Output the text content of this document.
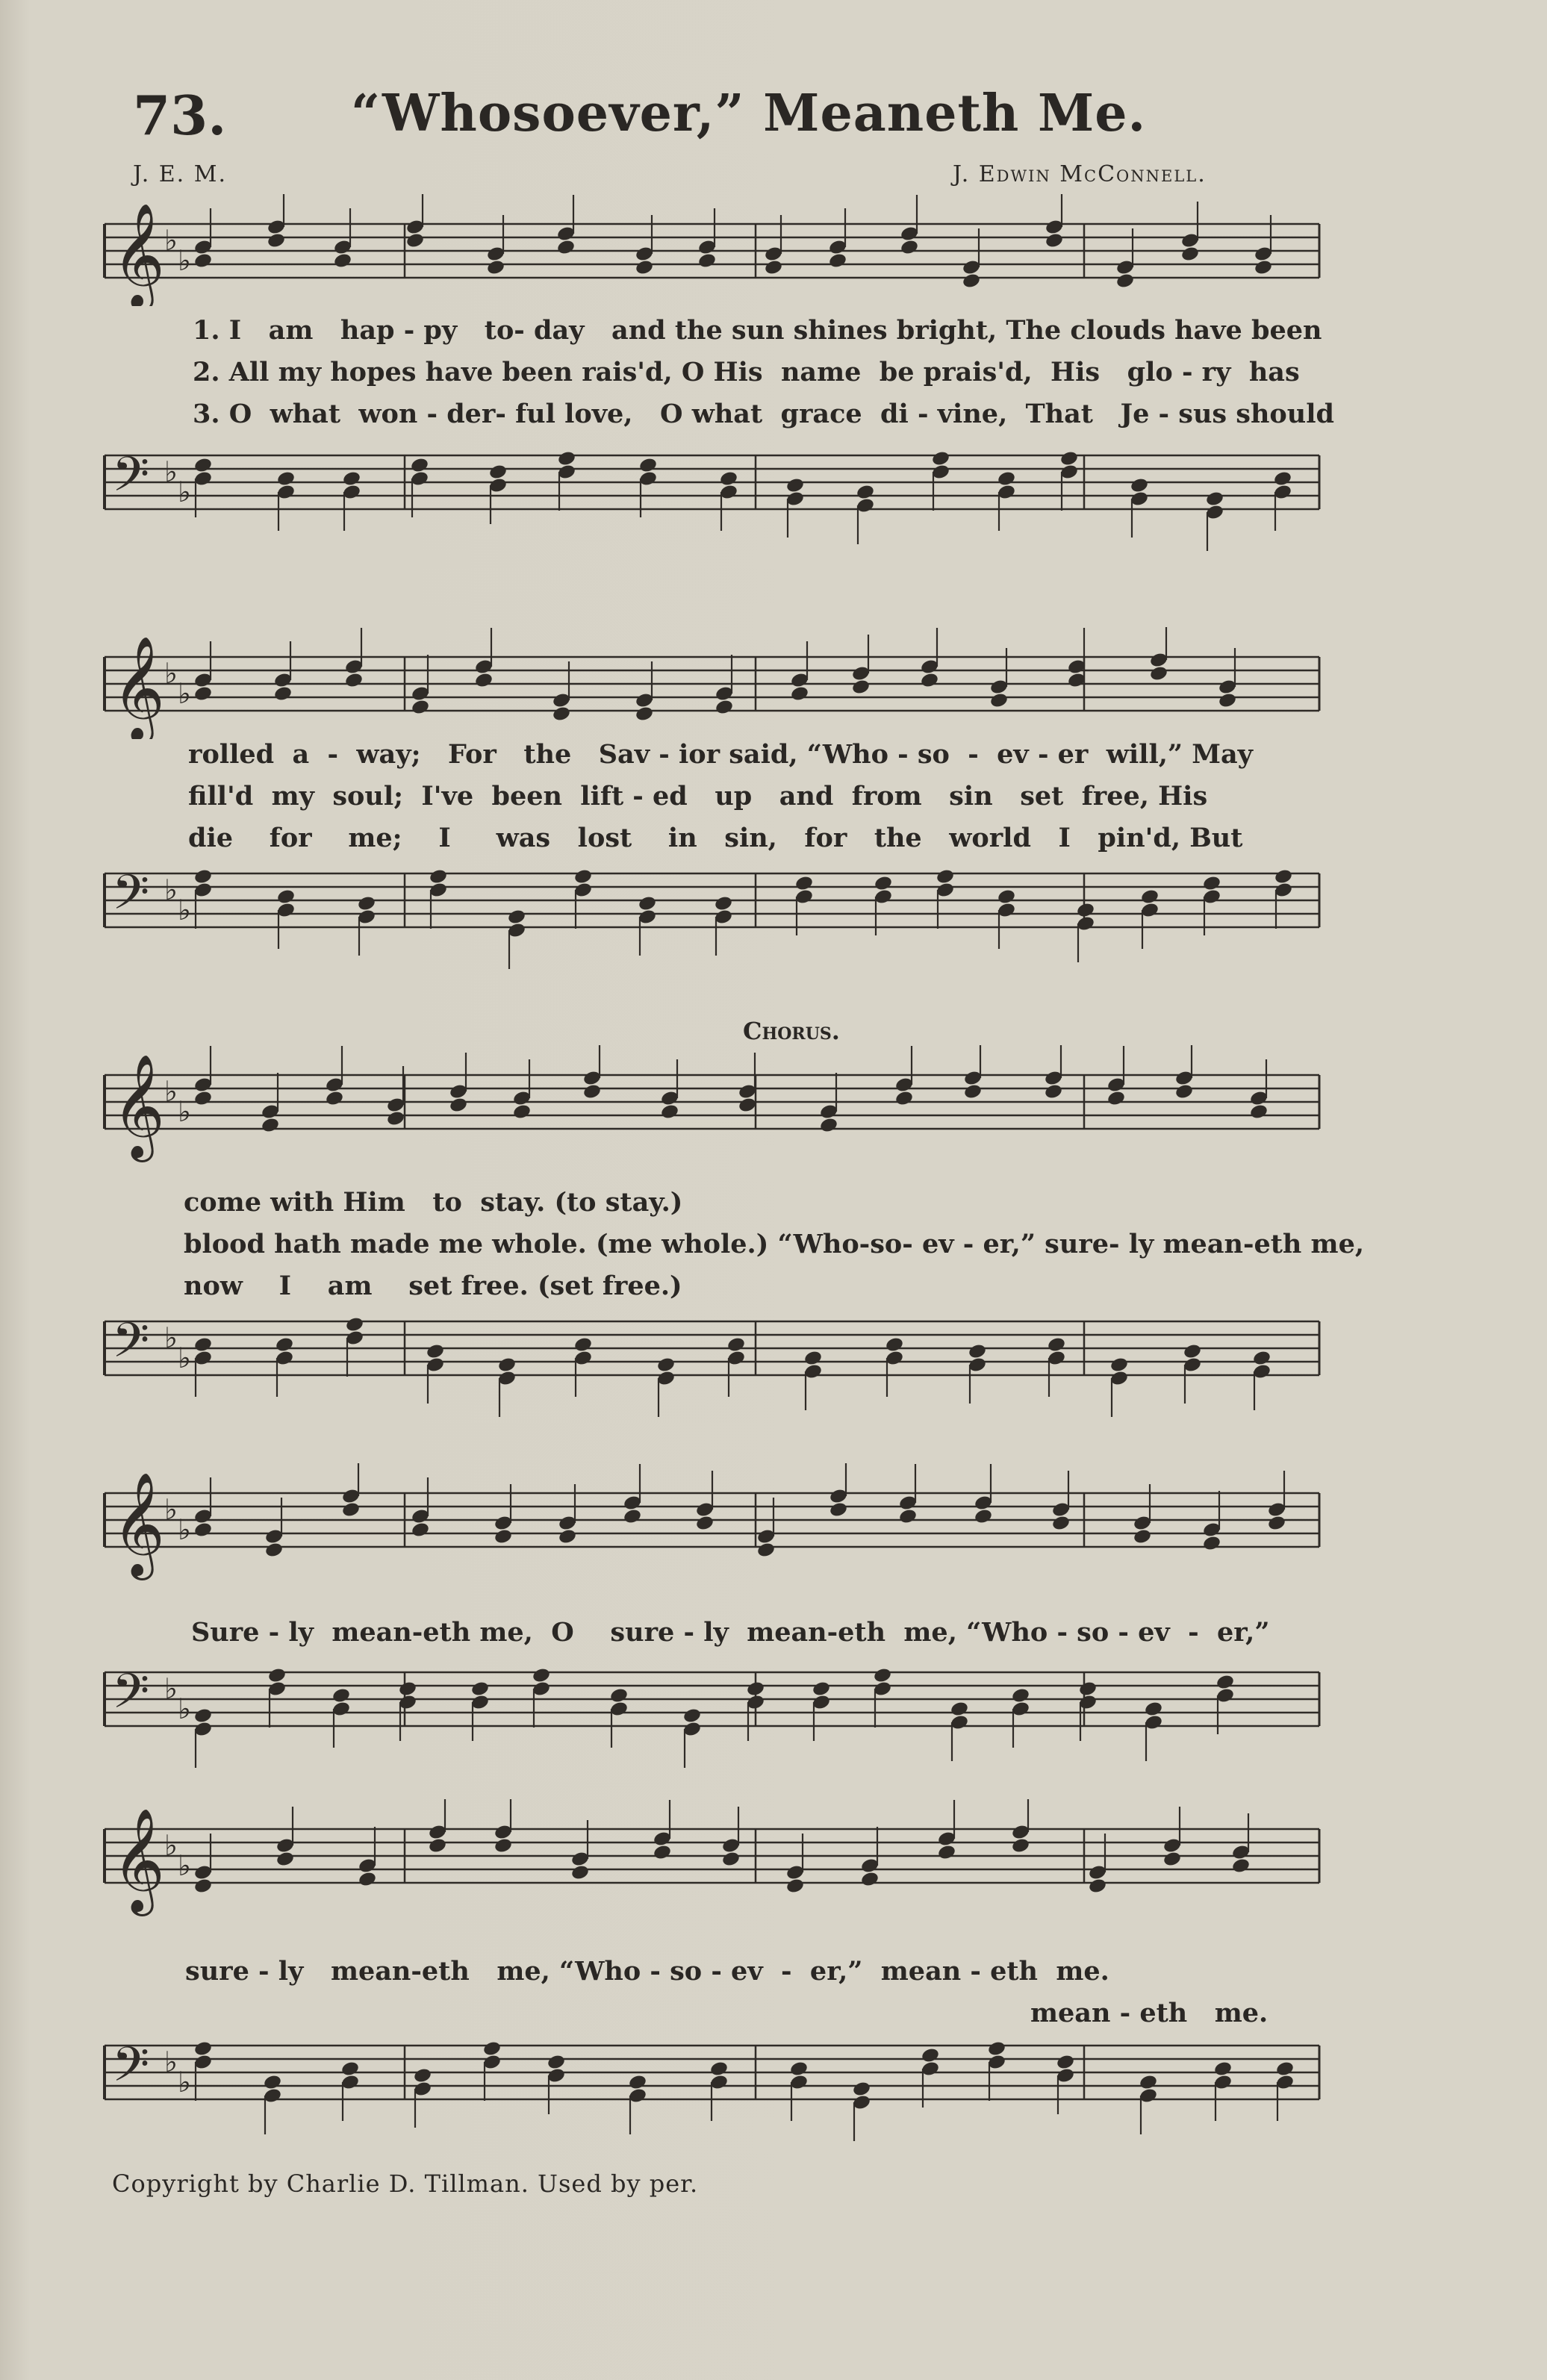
73. “Whosoever,” Meaneth Me.
J. E. M.	J. Edwin McConnell.
𝄞 ♭
♭
1. I   am   hap - py   to- day   and the sun shines bright, The clouds have been
2. All my hopes have been rais'd, O His  name  be prais'd,  His   glo - ry  has
3. O  what  won - der- ful love,   O what  grace  di - vine,  That   Je - sus should
𝄢 ♭
♭
𝄞 ♭
♭
rolled  a  -  way;   For   the   Sav - ior said, “Who - so  -  ev - er  will,” May
fill'd  my  soul;  I've  been  lift - ed   up   and  from   sin   set  free, His
die    for    me;    I     was   lost    in   sin,   for   the   world   I   pin'd, But
𝄢 ♭
♭
Chorus.
𝄞 ♭
♭
come with Him   to  stay. (to stay.)
blood hath made me whole. (me whole.) “Who-so- ev - er,” sure- ly mean-eth me,
now    I    am    set free. (set free.)
𝄢 ♭
♭
𝄞 ♭
♭
Sure - ly  mean-eth me,  O    sure - ly  mean-eth  me, “Who - so - ev  -  er,”
𝄢 ♭
♭
𝄞 ♭
♭
sure - ly   mean-eth   me, “Who - so - ev  -  er,”  mean - eth  me.
mean - eth   me.
𝄢 ♭
♭
Copyright by Charlie D. Tillman. Used by per.
